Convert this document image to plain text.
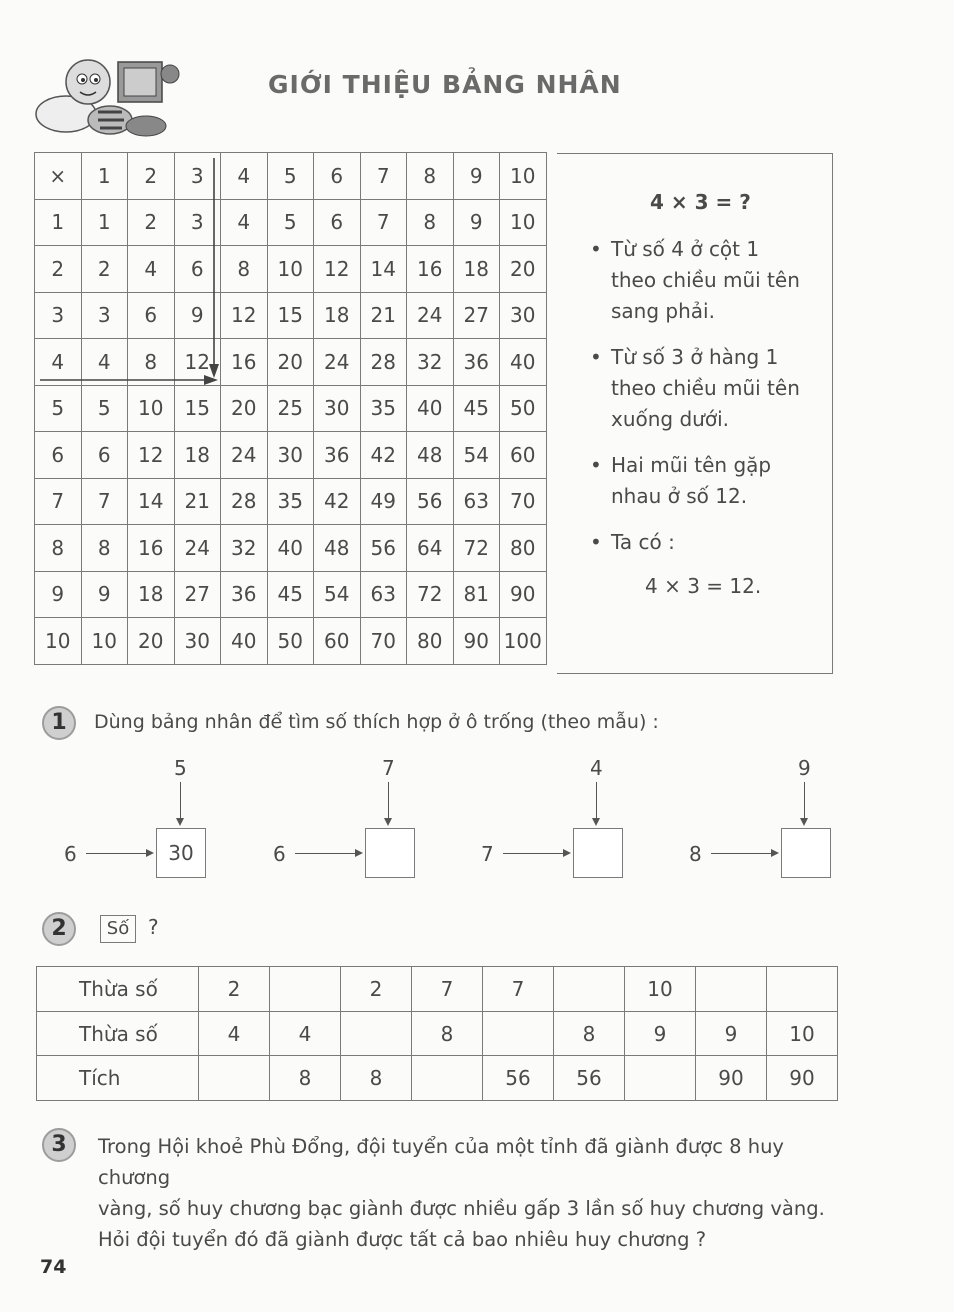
GIỚI THIỆU BẢNG NHÂN
×	1	2	3	4	5	6	7	8	9	10
1	1	2	3	4	5	6	7	8	9	10
2	2	4	6	8	10	12	14	16	18	20
3	3	6	9	12	15	18	21	24	27	30
4	4	8	12	16	20	24	28	32	36	40
5	5	10	15	20	25	30	35	40	45	50
6	6	12	18	24	30	36	42	48	54	60
7	7	14	21	28	35	42	49	56	63	70
8	8	16	24	32	40	48	56	64	72	80
9	9	18	27	36	45	54	63	72	81	90
10	10	20	30	40	50	60	70	80	90	100
4 × 3 = ?
• Từ số 4 ở cột 1
theo chiều mũi tên
sang phải.
• Từ số 3 ở hàng 1
theo chiều mũi tên
xuống dưới.
• Hai mũi tên gặp
nhau ở số 12.
• Ta có :
4 × 3 = 12.
1	Dùng bảng nhân để tìm số thích hợp ở ô trống (theo mẫu) :
5
6	30
7
6
4
7
9
8
2	Số ?
Thừa số	2		2	7	7		10		
Thừa số	4	4		8		8	9	9	10
Tích		8	8		56	56		90	90
3	Trong Hội khoẻ Phù Đổng, đội tuyển của một tỉnh đã giành được 8 huy chương
vàng, số huy chương bạc giành được nhiều gấp 3 lần số huy chương vàng.
Hỏi đội tuyển đó đã giành được tất cả bao nhiêu huy chương ?
74
